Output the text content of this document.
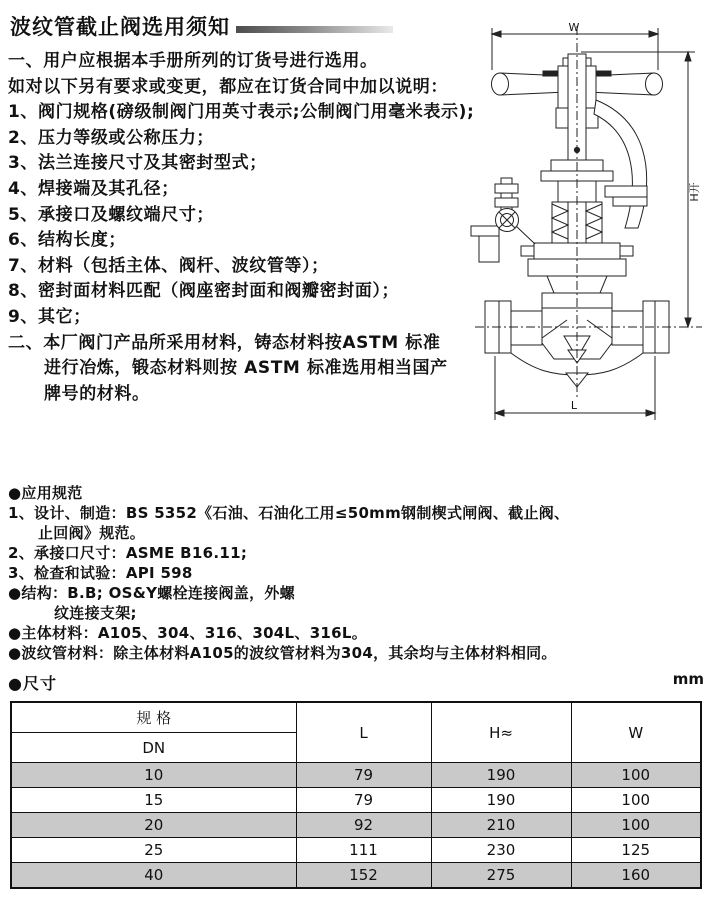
波纹管截止阀选用须知
一、用户应根据本手册所列的订货号进行选用。
如对以下另有要求或变更，都应在订货合同中加以说明：
1、阀门规格(磅级制阀门用英寸表示;公制阀门用毫米表示);
2、压力等级或公称压力；
3、法兰连接尺寸及其密封型式；
4、焊接端及其孔径；
5、承接口及螺纹端尺寸；
6、结构长度；
7、材料（包括主体、阀杆、波纹管等）；
8、密封面材料匹配（阀座密封面和阀瓣密封面）；
9、其它；
二、本厂阀门产品所采用材料，铸态材料按ASTM 标准
进行冶炼，锻态材料则按 ASTM 标准选用相当国产
牌号的材料。
W
H开
L
●应用规范
1、设计、制造：BS 5352《石油、石油化工用≤50mm钢制楔式闸阀、截止阀、
止回阀》规范。
2、承接口尺寸：ASME B16.11;
3、检查和试验：API 598
●结构：B.B; OS&Y螺栓连接阀盖，外螺
纹连接支架;
●主体材料：A105、304、316、304L、316L。
●波纹管材料：除主体材料A105的波纹管材料为304，其余均与主体材料相同。
●尺寸	mm
规 格	L	H≈	W
DN			
10	79	190	100
15	79	190	100
20	92	210	100
25	111	230	125
40	152	275	160
